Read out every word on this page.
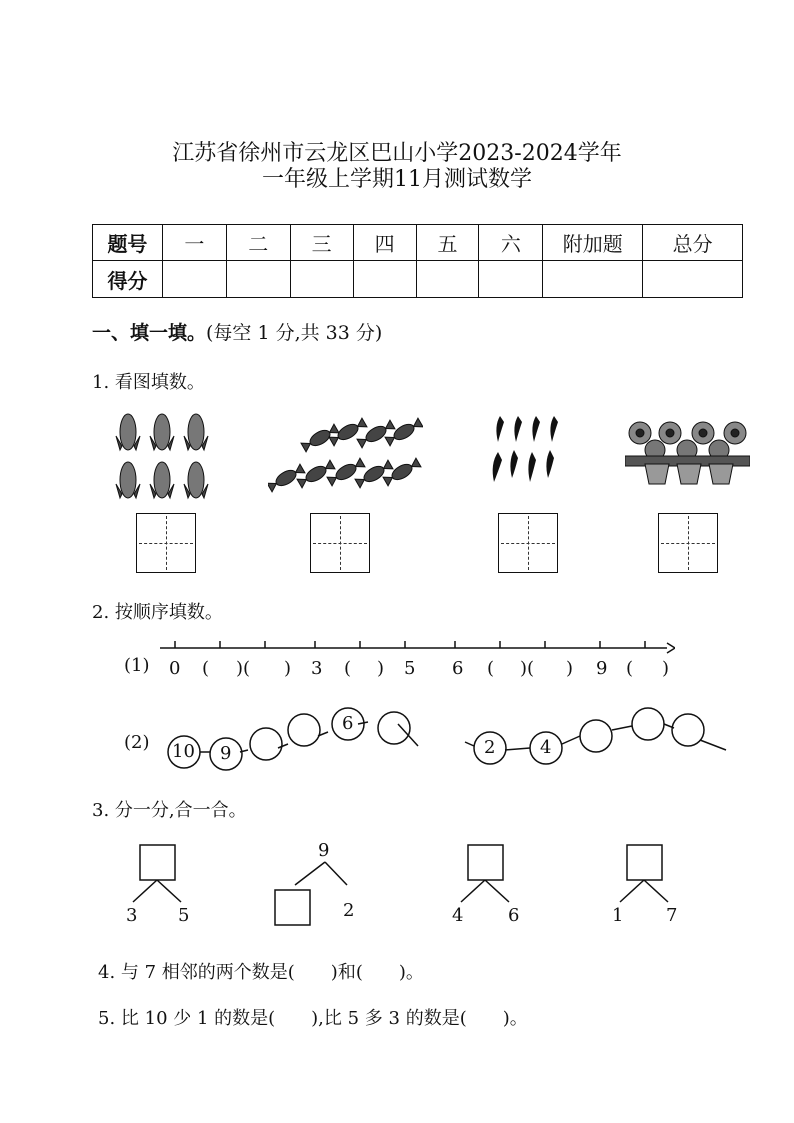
江苏省徐州市云龙区巴山小学2023-2024学年
一年级上学期11月测试数学
题号	一	二	三	四	五	六	附加题	总分
得分								
一、填一填。(每空 1 分,共 33 分)
1. 看图填数。
2. 按顺序填数。
(1) 0 ( )( ) 3 ( ) 5 6 ( )( ) 9 ( )
(2) 10 9
6
2 4
3. 分一分,合一合。
3 5
9
2	4 6	1 7
4. 与 7 相邻的两个数是(　　)和(　　)。
5. 比 10 少 1 的数是(　　),比 5 多 3 的数是(　　)。
